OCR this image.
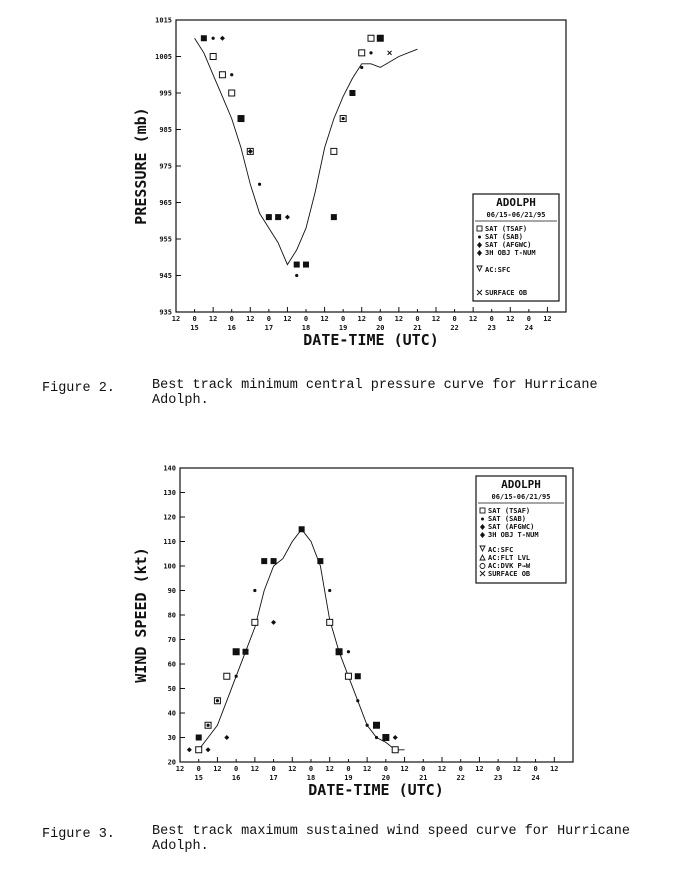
935
945
955
965
975
985
995
1005
1015
12 0 12 0 12 0 12 0 12 0 12 0 12 0 12 0 12 0 12 0 12
15	16	17	18	19	20	21	22	23	24
DATE-TIME (UTC)
PRESSURE (mb)	ADOLPH
06/15-06/21/95
SAT (TSAF)
SAT (SAB)
SAT (AFGWC)
3H OBJ T-NUM
AC:SFC
SURFACE OB
Figure 2.	Best track minimum central pressure curve for Hurricane Adolph.
20
30
40
50
60
70
80
90
100
110
120
130
140
12 0 12 0 12 0 12 0 12 0 12 0 12 0 12 0 12 0 12 0 12
15	16	17	18	19	20	21	22	23	24
DATE-TIME (UTC)
WIND SPEED (kt)
ADOLPH
06/15-06/21/95
SAT (TSAF)
SAT (SAB)
SAT (AFGWC)
3H OBJ T-NUM
AC:SFC
AC:FLT LVL
AC:DVK P→W
SURFACE OB
Figure 3.	Best track maximum sustained wind speed curve for Hurricane Adolph.
